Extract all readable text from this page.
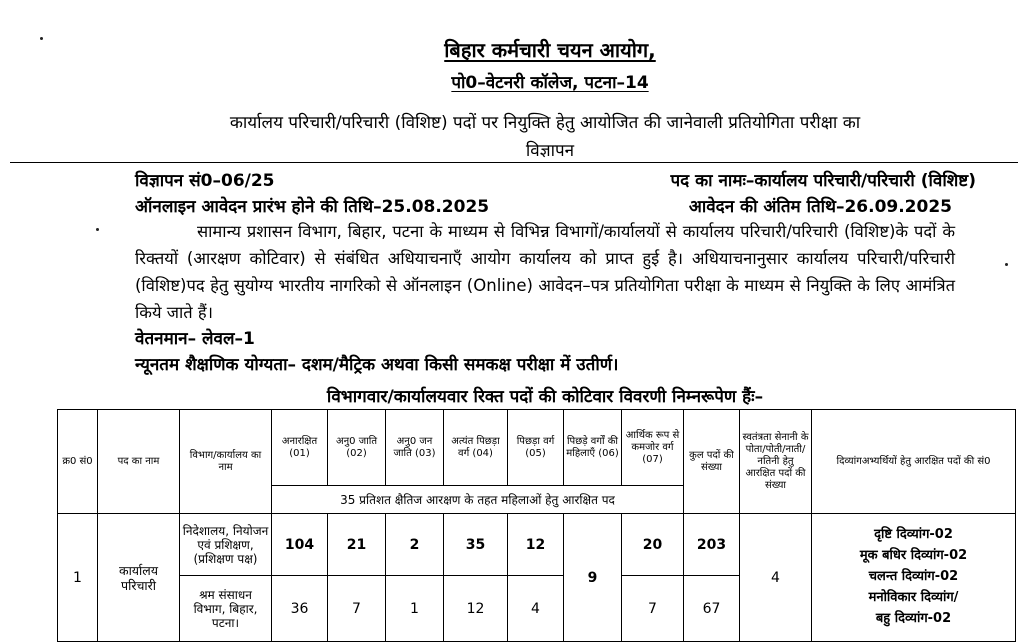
बिहार कर्मचारी चयन आयोग,
पो0–वेटनरी कॉलेज, पटना–14
कार्यालय परिचारी/परिचारी (विशिष्ट) पदों पर नियुक्ति हेतु आयोजित की जानेवाली प्रतियोगिता परीक्षा का
विज्ञापन
विज्ञापन सं0–06/25	पद का नामः–कार्यालय परिचारी/परिचारी (विशिष्ट)
ऑनलाइन आवेदन प्रारंभ होने की तिथि–25.08.2025	आवेदन की अंतिम तिथि–26.09.2025
सामान्य प्रशासन विभाग, बिहार, पटना के माध्यम से विभिन्न विभागों/कार्यालयों से कार्यालय परिचारी/परिचारी (विशिष्ट)के पदों के रिक्तयों (आरक्षण कोटिवार) से संबंधित अधियाचनाएँ आयोग कार्यालय को प्राप्त हुई है। अधियाचनानुसार कार्यालय परिचारी/परिचारी (विशिष्ट)पद हेतु सुयोग्य भारतीय नागरिको से ऑनलाइन (Online) आवेदन–पत्र प्रतियोगिता परीक्षा के माध्यम से नियुक्ति के लिए आमंत्रित किये जाते हैं।
वेतनमान– लेवल–1
न्यूनतम शैक्षणिक योग्यता– दशम/मैट्रिक अथवा किसी समकक्ष परीक्षा में उतीर्ण।
विभागवार/कार्यालयवार रिक्त पदों की कोटिवार विवरणी निम्नरूपेण हैंः–
क्र0 सं0	पद का नाम	विभाग/कार्यालय का नाम	अनारक्षित (01)	अनु0 जाति (02)	अनु0 जन जाति (03)	अत्यंत पिछड़ा वर्ग (04)	पिछड़ा वर्ग (05)	पिछड़े वर्गों की महिलाएँ (06)	आर्थिक रूप से कमजोर वर्ग (07)	कुल पदों की संख्या	स्वतंत्रता सेनानी के पोता/पोती/नाती/नतिनी हेतु आरक्षित पदों की संख्या	दिव्यांगअभ्यर्थियों हेतु आरक्षित पदों की सं0
			35 प्रतिशत क्षैतिज आरक्षण के तहत महिलाओं हेतु आरक्षित पद									
1	कार्यालय परिचारी	निदेशालय, नियोजन एवं प्रशिक्षण, (प्रशिक्षण पक्ष)	104	21	2	35	12	9	20	203	4	दृष्टि दिव्यांग-02
मूक बधिर दिव्यांग-02
चलन्त दिव्यांग-02
मनोविकार दिव्यांग/
बहु दिव्यांग-02

		श्रम संसाधन विभाग, बिहार, पटना।	36	7	1	12	4		7	67		
